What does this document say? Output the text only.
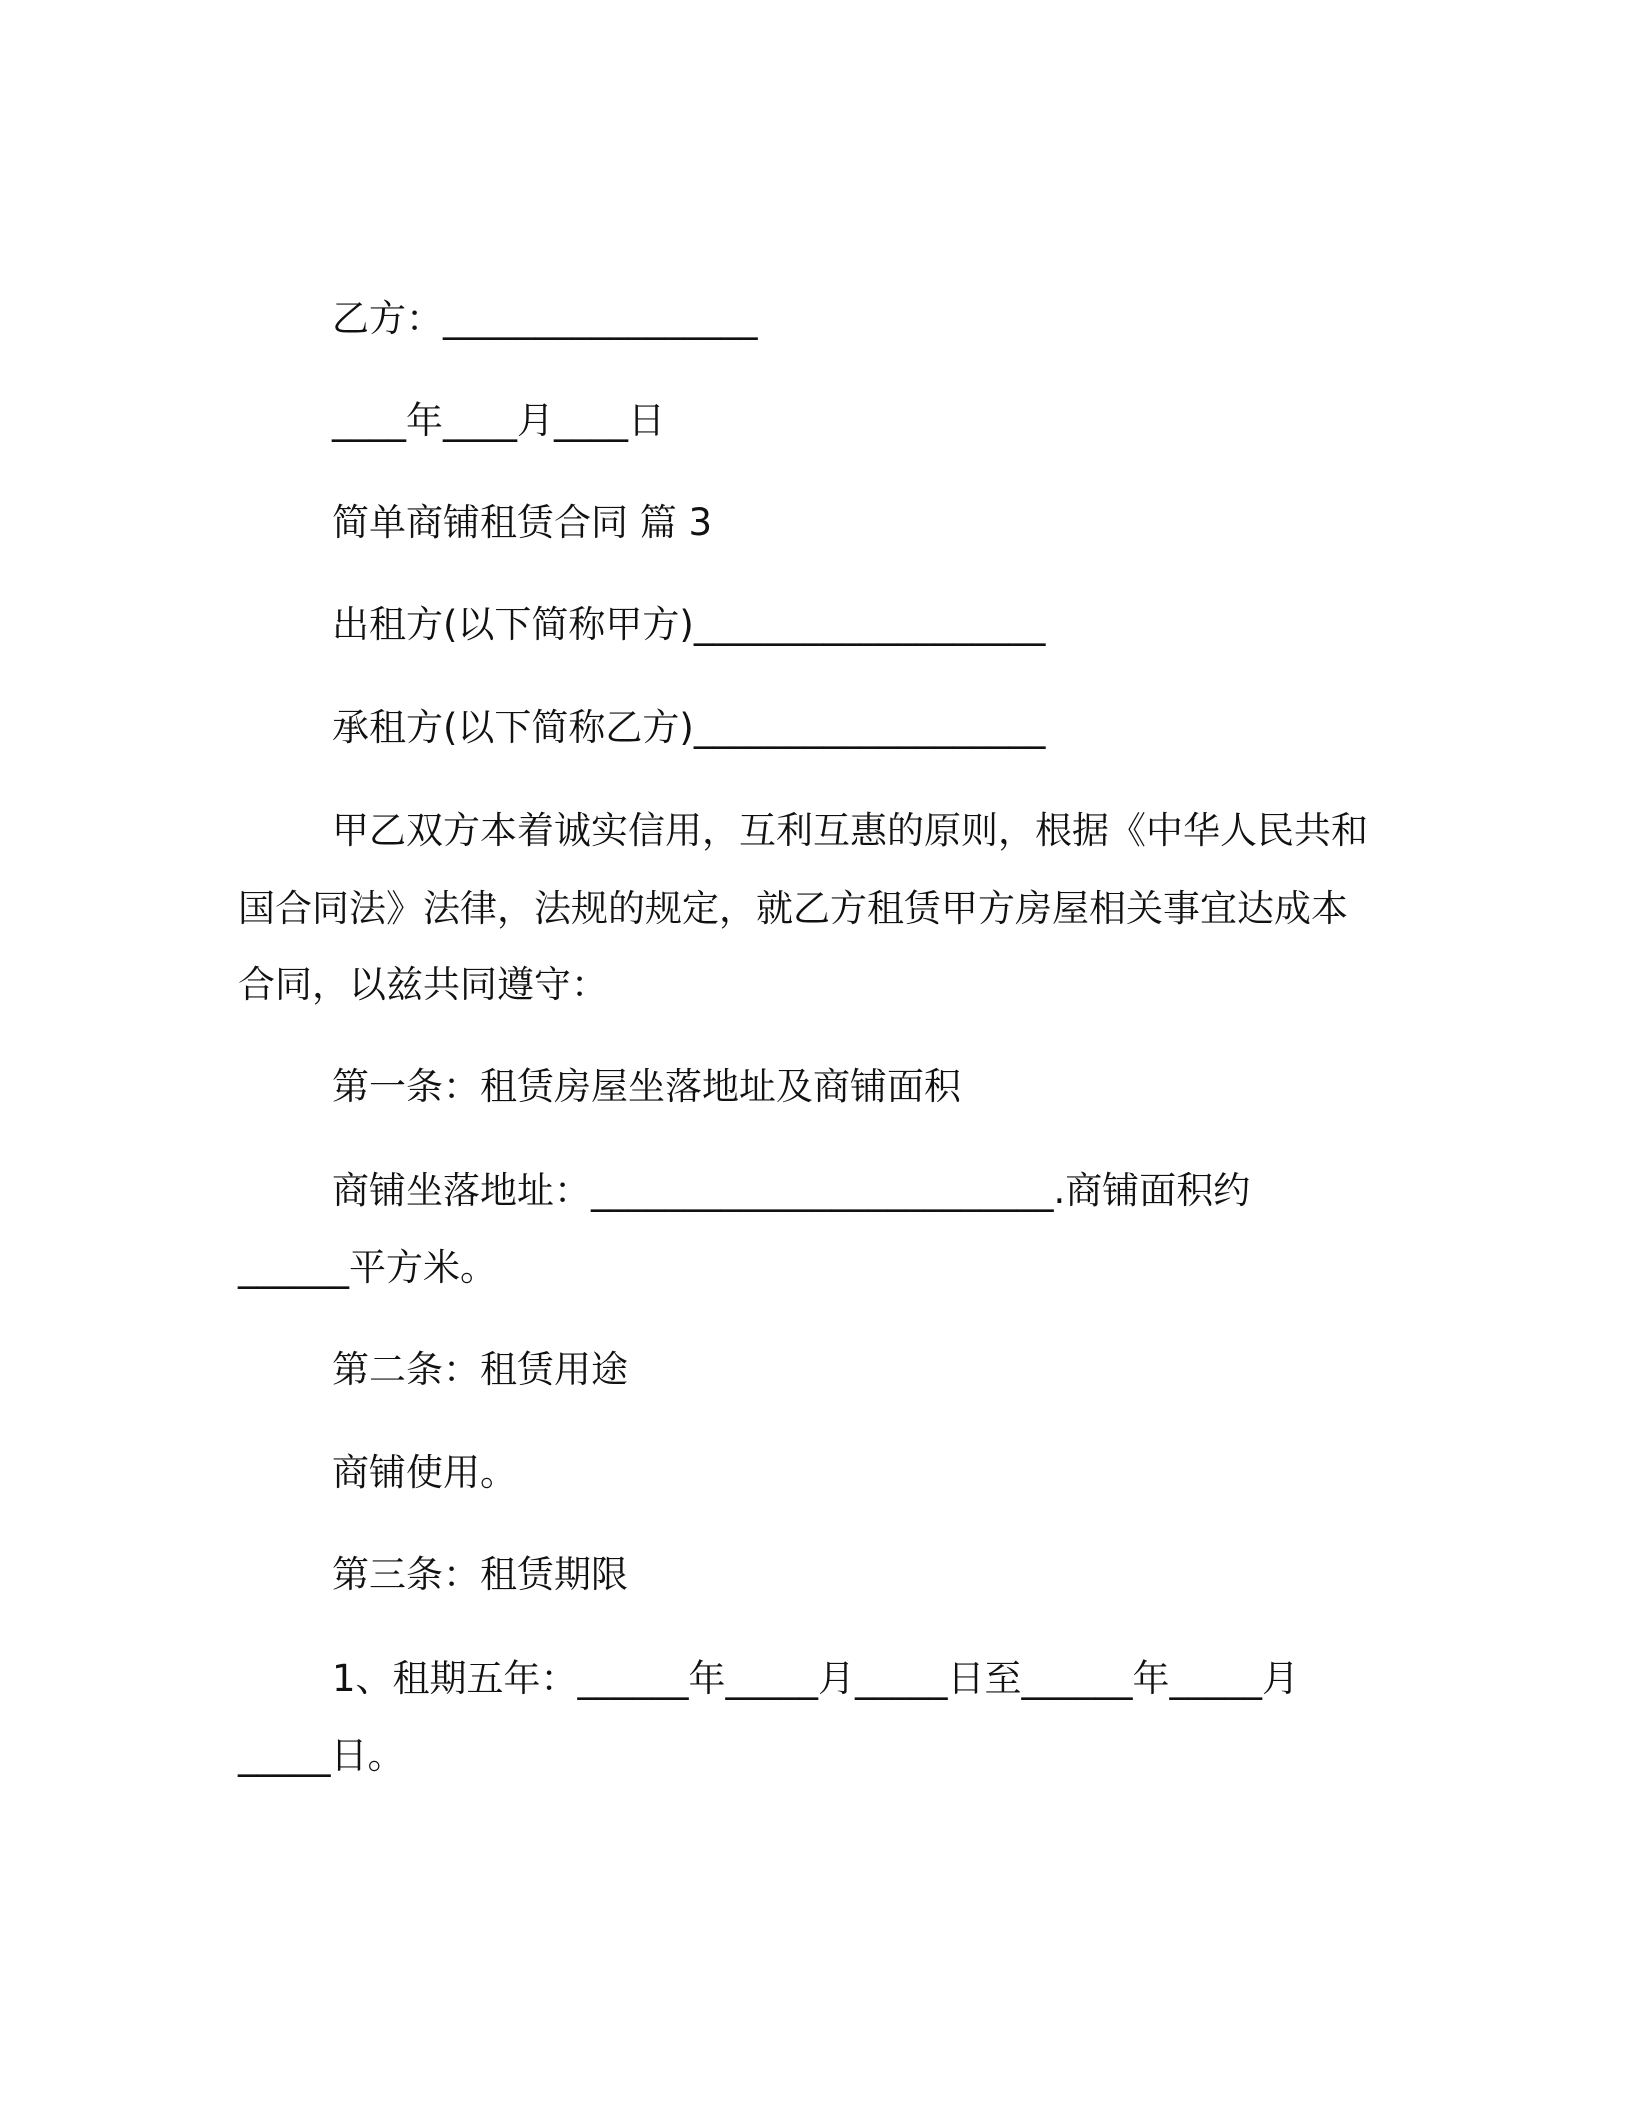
乙方：_________________
____年____月____日
简单商铺租赁合同 篇 3
出租方(以下简称甲方)___________________
承租方(以下简称乙方)___________________
甲乙双方本着诚实信用，互利互惠的原则，根据《中华人民共和
国合同法》法律，法规的规定，就乙方租赁甲方房屋相关事宜达成本
合同，以兹共同遵守：
第一条：租赁房屋坐落地址及商铺面积
商铺坐落地址：_________________________.商铺面积约
______平方米。
第二条：租赁用途
商铺使用。
第三条：租赁期限
1、租期五年：______年_____月_____日至______年_____月
_____日。
